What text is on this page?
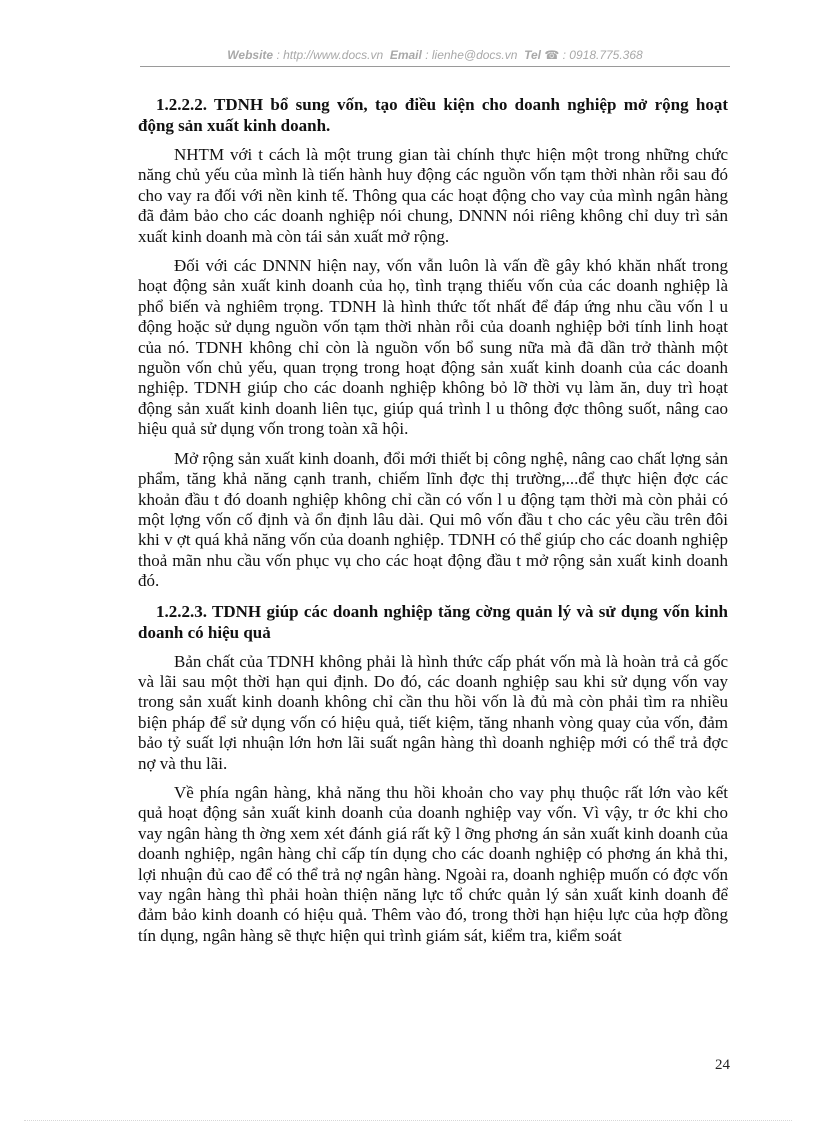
Website : http://www.docs.vn Email : lienhe@docs.vn Tel ☎ : 0918.775.368

1.2.2.2. TDNH bổ sung vốn, tạo điều kiện cho doanh nghiệp mở rộng hoạt động sản xuất kinh doanh.

NHTM với t cách là một trung gian tài chính thực hiện một trong những chức năng chủ yếu của mình là tiến hành huy động các nguồn vốn tạm thời nhàn rỗi sau đó cho vay ra đối với nền kinh tế. Thông qua các hoạt động cho vay của mình ngân hàng đã đảm bảo cho các doanh nghiệp nói chung, DNNN nói riêng không chỉ duy trì sản xuất kinh doanh mà còn tái sản xuất mở rộng.

Đối với các DNNN hiện nay, vốn vẫn luôn là vấn đề gây khó khăn nhất trong hoạt động sản xuất kinh doanh của họ, tình trạng thiếu vốn của các doanh nghiệp là phổ biến và nghiêm trọng. TDNH là hình thức tốt nhất để đáp ứng nhu cầu vốn l u động hoặc sử dụng nguồn vốn tạm thời nhàn rỗi của doanh nghiệp bởi tính linh hoạt của nó. TDNH không chỉ còn là nguồn vốn bổ sung nữa mà đã dần trở thành một nguồn vốn chủ yếu, quan trọng trong hoạt động sản xuất kinh doanh của các doanh nghiệp. TDNH giúp cho các doanh nghiệp không bỏ lỡ thời vụ làm ăn, duy trì hoạt động sản xuất kinh doanh liên tục, giúp quá trình l u thông đợc thông suốt, nâng cao hiệu quả sử dụng vốn trong toàn xã hội.

Mở rộng sản xuất kinh doanh, đổi mới thiết bị công nghệ, nâng cao chất lợng sản phẩm, tăng khả năng cạnh tranh, chiếm lĩnh đợc thị trường,...để thực hiện đợc các khoản đầu t đó doanh nghiệp không chỉ cần có vốn l u động tạm thời mà còn phải có một lợng vốn cố định và ổn định lâu dài. Qui mô vốn đầu t cho các yêu cầu trên đôi khi v ợt quá khả năng vốn của doanh nghiệp. TDNH có thể giúp cho các doanh nghiệp thoả mãn nhu cầu vốn phục vụ cho các hoạt động đầu t mở rộng sản xuất kinh doanh đó.

1.2.2.3. TDNH giúp các doanh nghiệp tăng cờng quản lý và sử dụng vốn kinh doanh có hiệu quả

Bản chất của TDNH không phải là hình thức cấp phát vốn mà là hoàn trả cả gốc và lãi sau một thời hạn qui định. Do đó, các doanh nghiệp sau khi sử dụng vốn vay trong sản xuất kinh doanh không chỉ cần thu hồi vốn là đủ mà còn phải tìm ra nhiều biện pháp để sử dụng vốn có hiệu quả, tiết kiệm, tăng nhanh vòng quay của vốn, đảm bảo tỷ suất lợi nhuận lớn hơn lãi suất ngân hàng thì doanh nghiệp mới có thể trả đợc nợ và thu lãi.

Về phía ngân hàng, khả năng thu hồi khoản cho vay phụ thuộc rất lớn vào kết quả hoạt động sản xuất kinh doanh của doanh nghiệp vay vốn. Vì vậy, tr ớc khi cho vay ngân hàng th ờng xem xét đánh giá rất kỹ l ỡng phơng án sản xuất kinh doanh của doanh nghiệp, ngân hàng chỉ cấp tín dụng cho các doanh nghiệp có phơng án khả thi, lợi nhuận đủ cao để có thể trả nợ ngân hàng. Ngoài ra, doanh nghiệp muốn có đợc vốn vay ngân hàng thì phải hoàn thiện năng lực tổ chức quản lý sản xuất kinh doanh để đảm bảo kinh doanh có hiệu quả. Thêm vào đó, trong thời hạn hiệu lực của hợp đồng tín dụng, ngân hàng sẽ thực hiện qui trình giám sát, kiểm tra, kiểm soát

24
